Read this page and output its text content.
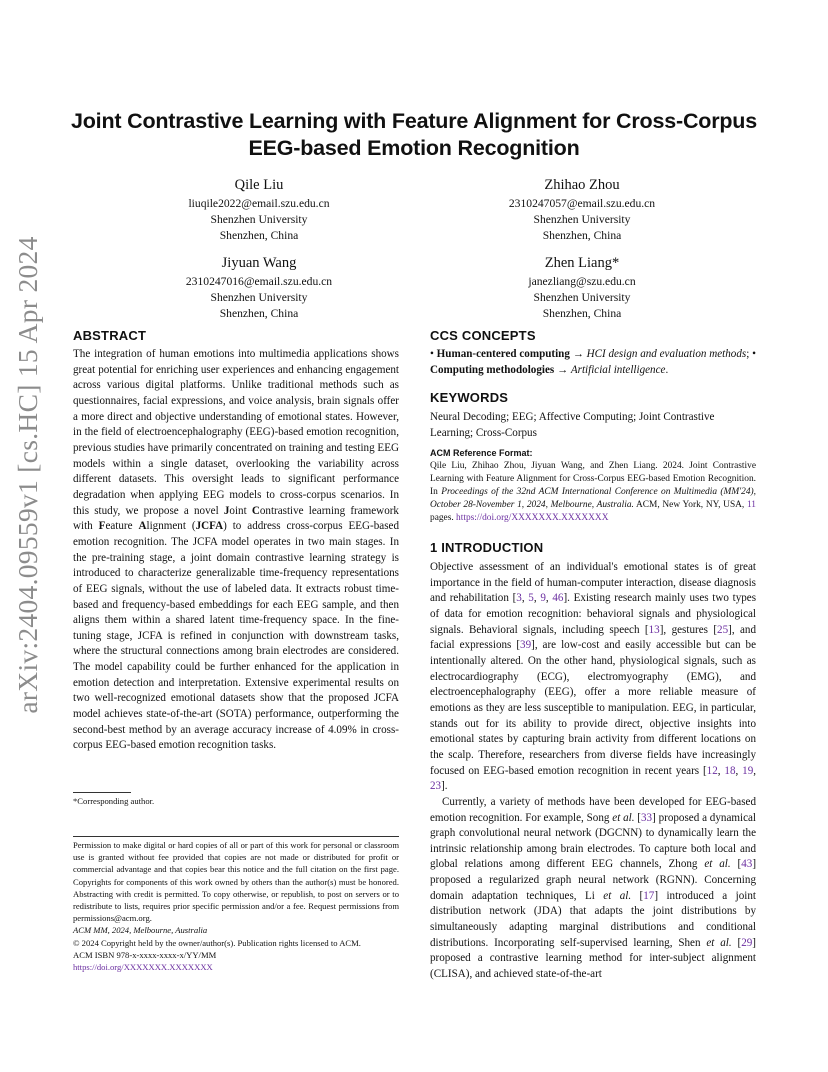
arXiv:2404.09559v1 [cs.HC] 15 Apr 2024
Joint Contrastive Learning with Feature Alignment for Cross-Corpus EEG-based Emotion Recognition
Qile Liu
liuqile2022@email.szu.edu.cn
Shenzhen University
Shenzhen, China
Zhihao Zhou
2310247057@email.szu.edu.cn
Shenzhen University
Shenzhen, China
Jiyuan Wang
2310247016@email.szu.edu.cn
Shenzhen University
Shenzhen, China
Zhen Liang*
janezliang@szu.edu.cn
Shenzhen University
Shenzhen, China
ABSTRACT

The integration of human emotions into multimedia applications shows great potential for enriching user experiences and enhancing engagement across various digital platforms. Unlike traditional methods such as questionnaires, facial expressions, and voice analysis, brain signals offer a more direct and objective understanding of emotional states. However, in the field of electroencephalography (EEG)-based emotion recognition, previous studies have primarily concentrated on training and testing EEG models within a single dataset, overlooking the variability across different datasets. This oversight leads to significant performance degradation when applying EEG models to cross-corpus scenarios. In this study, we propose a novel Joint Contrastive learning framework with Feature Alignment (JCFA) to address cross-corpus EEG-based emotion recognition. The JCFA model operates in two main stages. In the pre-training stage, a joint domain contrastive learning strategy is introduced to characterize generalizable time-frequency representations of EEG signals, without the use of labeled data. It extracts robust time-based and frequency-based embeddings for each EEG sample, and then aligns them within a shared latent time-frequency space. In the fine-tuning stage, JCFA is refined in conjunction with downstream tasks, where the structural connections among brain electrodes are considered. The model capability could be further enhanced for the application in emotion detection and interpretation. Extensive experimental results on two well-recognized emotional datasets show that the proposed JCFA model achieves state-of-the-art (SOTA) performance, outperforming the second-best method by an average accuracy increase of 4.09% in cross-corpus EEG-based emotion recognition tasks.

*Corresponding author.
Permission to make digital or hard copies of all or part of this work for personal or classroom use is granted without fee provided that copies are not made or distributed for profit or commercial advantage and that copies bear this notice and the full citation on the first page. Copyrights for components of this work owned by others than the author(s) must be honored. Abstracting with credit is permitted. To copy otherwise, or republish, to post on servers or to redistribute to lists, requires prior specific permission and/or a fee. Request permissions from permissions@acm.org.
ACM MM, 2024, Melbourne, Australia
© 2024 Copyright held by the owner/author(s). Publication rights licensed to ACM.
ACM ISBN 978-x-xxxx-xxxx-x/YY/MM
https://doi.org/XXXXXXX.XXXXXXX
CCS CONCEPTS

• Human-centered computing → HCI design and evaluation methods; • Computing methodologies → Artificial intelligence.

KEYWORDS
Neural Decoding; EEG; Affective Computing; Joint Contrastive Learning; Cross-Corpus
ACM Reference Format:
Qile Liu, Zhihao Zhou, Jiyuan Wang, and Zhen Liang. 2024. Joint Contrastive Learning with Feature Alignment for Cross-Corpus EEG-based Emotion Recognition. In Proceedings of the 32nd ACM International Conference on Multimedia (MM'24), October 28-November 1, 2024, Melbourne, Australia. ACM, New York, NY, USA, 11 pages. https://doi.org/XXXXXXX.XXXXXXX
1 INTRODUCTION

Objective assessment of an individual's emotional states is of great importance in the field of human-computer interaction, disease diagnosis and rehabilitation [3, 5, 9, 46]. Existing research mainly uses two types of data for emotion recognition: behavioral signals and physiological signals. Behavioral signals, including speech [13], gestures [25], and facial expressions [39], are low-cost and easily accessible but can be intentionally altered. On the other hand, physiological signals, such as electrocardiography (ECG), electromyography (EMG), and electroencephalography (EEG), offer a more reliable measure of emotions as they are less susceptible to manipulation. EEG, in particular, stands out for its ability to provide direct, objective insights into emotional states by capturing brain activity from different locations on the scalp. Therefore, researchers from diverse fields have increasingly focused on EEG-based emotion recognition in recent years [12, 18, 19, 23].

Currently, a variety of methods have been developed for EEG-based emotion recognition. For example, Song et al. [33] proposed a dynamical graph convolutional neural network (DGCNN) to dynamically learn the intrinsic relationship among brain electrodes. To capture both local and global relations among different EEG channels, Zhong et al. [43] proposed a regularized graph neural network (RGNN). Concerning domain adaptation techniques, Li et al. [17] introduced a joint distribution network (JDA) that adapts the joint distributions by simultaneously adapting marginal distributions and conditional distributions. Incorporating self-supervised learning, Shen et al. [29] proposed a contrastive learning method for inter-subject alignment (CLISA), and achieved state-of-the-art
